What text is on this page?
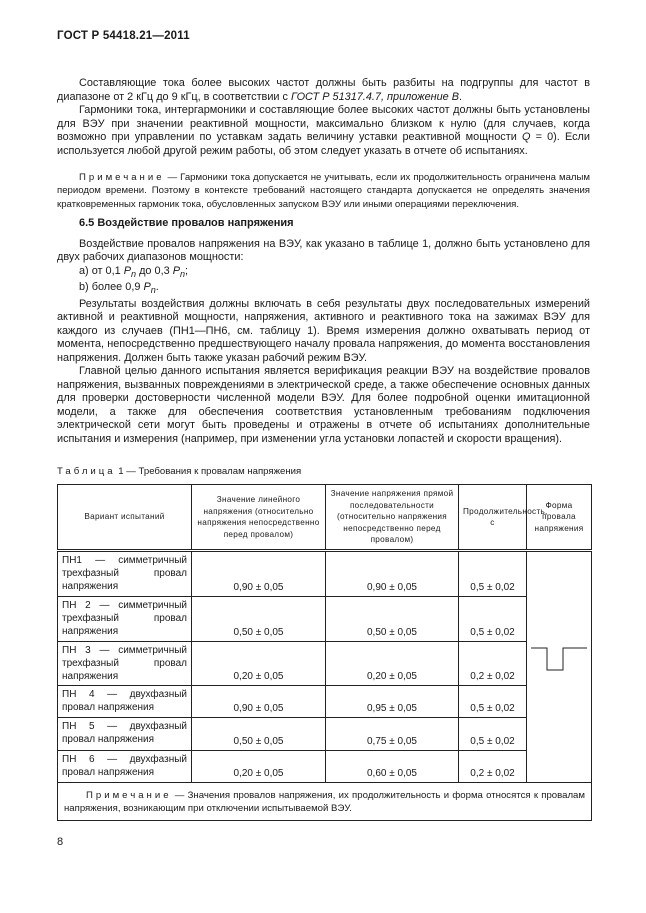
ГОСТ Р 54418.21—2011

Составляющие тока более высоких частот должны быть разбиты на подгруппы для частот в диапазоне от 2 кГц до 9 кГц, в соответствии с ГОСТ Р 51317.4.7, приложение В.

Гармоники тока, интергармоники и составляющие более высоких частот должны быть установлены для ВЭУ при значении реактивной мощности, максимально близком к нулю (для случаев, когда возможно при управлении по уставкам задать величину уставки реактивной мощности Q = 0). Если используется любой другой режим работы, об этом следует указать в отчете об испытаниях.

Примечание — Гармоники тока допускается не учитывать, если их продолжительность ограничена малым периодом времени. Поэтому в контексте требований настоящего стандарта допускается не определять значения кратковременных гармоник тока, обусловленных запуском ВЭУ или иными операциями переключения.

6.5 Воздействие провалов напряжения

Воздействие провалов напряжения на ВЭУ, как указано в таблице 1, должно быть установлено для двух рабочих диапазонов мощности:

а) от 0,1 $P_n$ до 0,3 $P_n$;

b) более 0,9 $P_n$.

Результаты воздействия должны включать в себя результаты двух последовательных измерений активной и реактивной мощности, напряжения, активного и реактивного тока на зажимах ВЭУ для каждого из случаев (ПН1—ПН6, см. таблицу 1). Время измерения должно охватывать период от момента, непосредственно предшествующего началу провала напряжения, до момента восстановления напряжения. Должен быть также указан рабочий режим ВЭУ.

Главной целью данного испытания является верификация реакции ВЭУ на воздействие провалов напряжения, вызванных повреждениями в электрической среде, а также обеспечение основных данных для проверки достоверности численной модели ВЭУ. Для более подробной оценки имитационной модели, а также для обеспечения соответствия установленным требованиям подключения электрической сети могут быть проведены и отражены в отчете об испытаниях дополнительные испытания и измерения (например, при изменении угла установки лопастей и скорости вращения).

Таблица 1 — Требования к провалам напряжения
Вариант испытаний	Значение линейного напряжения (относительно напряжения непосредственно перед провалом)	Значение напряжения прямой последовательности (относительно напряжения непосредственно перед провалом)	Продолжительность, с	Форма провала напряжения
ПН1 — симметричный трехфазный провал напряжения	0,90 ± 0,05	0,90 ± 0,05	0,5 ± 0,02	
ПН 2 — симметричный трехфазный провал напряжения	0,50 ± 0,05	0,50 ± 0,05	0,5 ± 0,02	
ПН 3 — симметричный трехфазный провал напряжения	0,20 ± 0,05	0,20 ± 0,05	0,2 ± 0,02	
ПН 4 — двухфазный провал напряжения	0,90 ± 0,05	0,95 ± 0,05	0,5 ± 0,02	
ПН 5 — двухфазный провал напряжения	0,50 ± 0,05	0,75 ± 0,05	0,5 ± 0,02	
ПН 6 — двухфазный провал напряжения	0,20 ± 0,05	0,60 ± 0,05	0,2 ± 0,02	
Примечание — Значения провалов напряжения, их продолжительность и форма относятся к провалам напряжения, возникающим при отключении испытываемой ВЭУ.				
8
